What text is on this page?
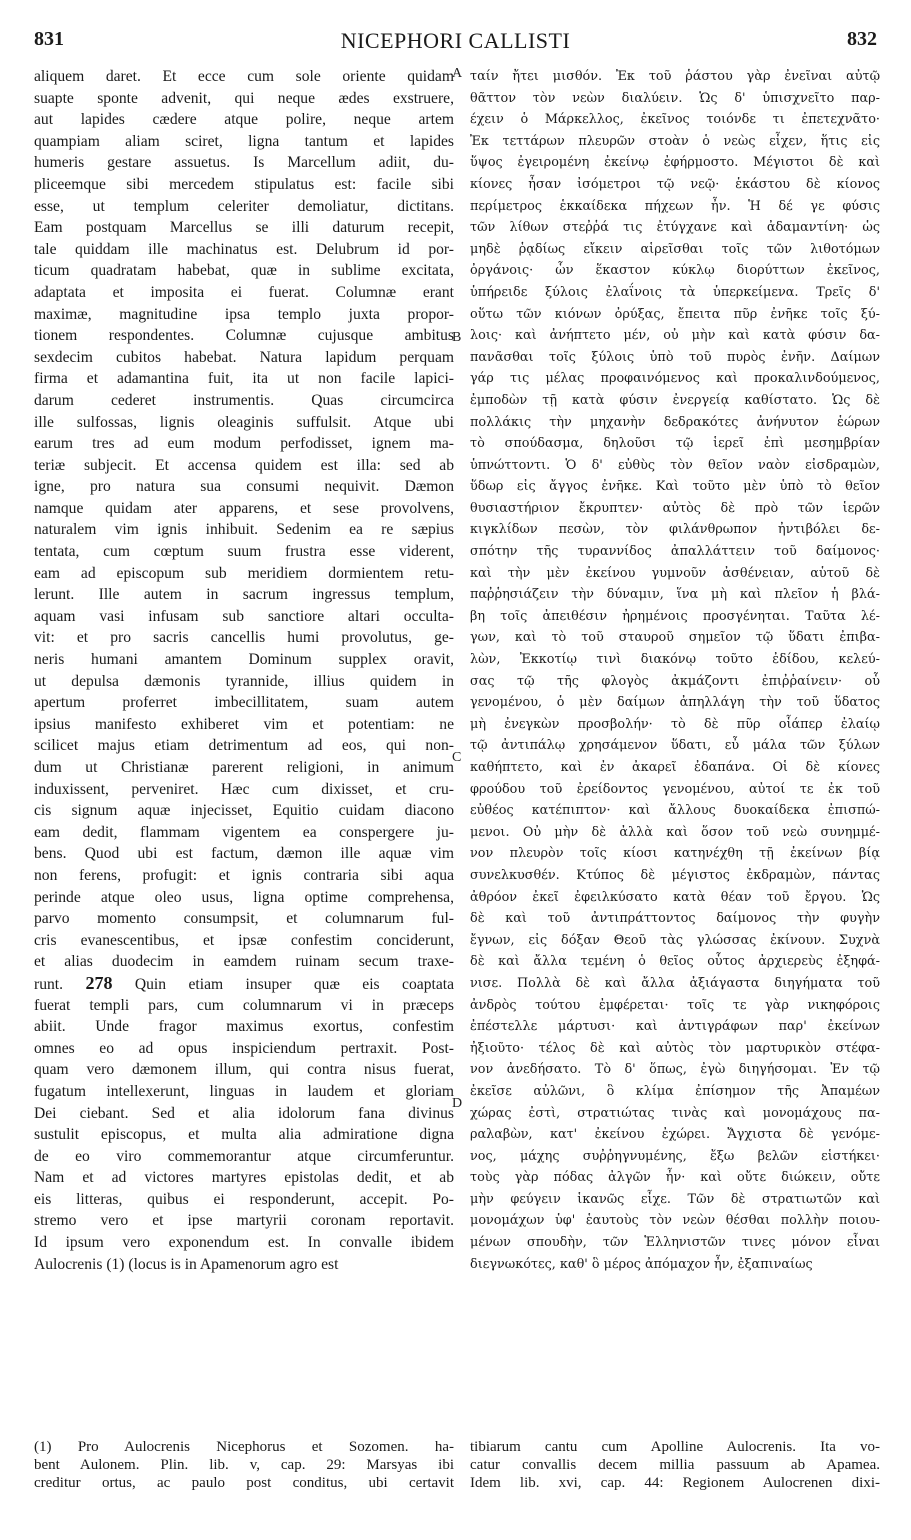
831	NICEPHORI CALLISTI	832
aliquem daret. Et ecce cum sole oriente quidam
suapte sponte advenit, qui neque ædes exstruere,
aut lapides cædere atque polire, neque artem
quampiam aliam sciret, ligna tantum et lapides
humeris gestare assuetus. Is Marcellum adiit, du-
pliceemque sibi mercedem stipulatus est: facile sibi
esse, ut templum celeriter demoliatur, dictitans.
Eam postquam Marcellus se illi daturum recepit,
tale quiddam ille machinatus est. Delubrum id por-
ticum quadratam habebat, quæ in sublime excitata,
adaptata et imposita ei fuerat. Columnæ erant
maximæ, magnitudine ipsa templo juxta propor-
tionem respondentes. Columnæ cujusque ambitus
sexdecim cubitos habebat. Natura lapidum perquam
firma et adamantina fuit, ita ut non facile lapici-
darum cederet instrumentis. Quas circumcirca
ille sulfossas, lignis oleaginis suffulsit. Atque ubi
earum tres ad eum modum perfodisset, ignem ma-
teriæ subjecit. Et accensa quidem est illa: sed ab
igne, pro natura sua consumi nequivit. Dæmon
namque quidam ater apparens, et sese provolvens,
naturalem vim ignis inhibuit. Sedenim ea re sæpius
tentata, cum cœptum suum frustra esse viderent,
eam ad episcopum sub meridiem dormientem retu-
lerunt. Ille autem in sacrum ingressus templum,
aquam vasi infusam sub sanctiore altari occulta-
vit: et pro sacris cancellis humi provolutus, ge-
neris humani amantem Dominum supplex oravit,
ut depulsa dæmonis tyrannide, illius quidem in
apertum proferret imbecillitatem, suam autem
ipsius manifesto exhiberet vim et potentiam: ne
scilicet majus etiam detrimentum ad eos, qui non-
dum ut Christianæ parerent religioni, in animum
induxissent, perveniret. Hæc cum dixisset, et cru-
cis signum aquæ injecisset, Equitio cuidam diacono
eam dedit, flammam vigentem ea conspergere ju-
bens. Quod ubi est factum, dæmon ille aquæ vim
non ferens, profugit: et ignis contraria sibi aqua
perinde atque oleo usus, ligna optime comprehensa,
parvo momento consumpsit, et columnarum ful-
cris evanescentibus, et ipsæ confestim conciderunt,
et alias duodecim in eamdem ruinam secum traxe-
runt. 278 Quin etiam insuper quæ eis coaptata
fuerat templi pars, cum columnarum vi in præceps
abiit. Unde fragor maximus exortus, confestim
omnes eo ad opus inspiciendum pertraxit. Post-
quam vero dæmonem illum, qui contra nisus fuerat,
fugatum intellexerunt, linguas in laudem et gloriam
Dei ciebant. Sed et alia idolorum fana divinus
sustulit episcopus, et multa alia admiratione digna
de eo viro commemorantur atque circumferuntur.
Nam et ad victores martyres epistolas dedit, et ab
eis litteras, quibus ei responderunt, accepit. Po-
stremo vero et ipse martyrii coronam reportavit.
Id ipsum vero exponendum est. In convalle ibidem
Aulocrenis (1) (locus is in Apamenorum agro est
ταίν ἤτει μισθόν. Ἐκ τοῦ ῥάστου γὰρ ἐνεῖναι αὐτῷ
θᾶττον τὸν νεὼν διαλύειν. Ὡς δ' ὑπισχνεῖτο παρ-
έχειν ὁ Μάρκελλος, ἐκεῖνος τοιόνδε τι ἐπετεχνᾶτο·
Ἐκ τεττάρων πλευρῶν στοὰν ὁ νεὼς εἶχεν, ἥτις εἰς
ὕψος ἐγειρομένη ἐκείνῳ ἐφήρμοστο. Μέγιστοι δὲ καὶ
κίονες ἦσαν ἰσόμετροι τῷ νεῷ· ἑκάστου δὲ κίονος
περίμετρος ἑκκαίδεκα πήχεων ἦν. Ἡ δέ γε φύσις
τῶν λίθων στεῤῥά τις ἐτύγχανε καὶ ἀδαμαντίνη· ὡς
μηδὲ ῥᾳδίως εἴκειν αἱρεῖσθαι τοῖς τῶν λιθοτόμων
ὀργάνοις· ὧν ἕκαστον κύκλῳ διορύττων ἐκεῖνος,
ὑπήρειδε ξύλοις ἐλαΐνοις τὰ ὑπερκείμενα. Τρεῖς δ'
οὕτω τῶν κιόνων ὀρύξας, ἔπειτα πῦρ ἐνῆκε τοῖς ξύ-
λοις· καὶ ἀνήπτετο μέν, οὐ μὴν καὶ κατὰ φύσιν δα-
πανᾶσθαι τοῖς ξύλοις ὑπὸ τοῦ πυρὸς ἐνῆν. Δαίμων
γάρ τις μέλας προφαινόμενος καὶ προκαλινδούμενος,
ἐμποδὼν τῇ κατὰ φύσιν ἐνεργείᾳ καθίστατο. Ὡς δὲ
πολλάκις τὴν μηχανὴν δεδρακότες ἀνήνυτον ἑώρων
τὸ σπούδασμα, δηλοῦσι τῷ ἱερεῖ ἐπὶ μεσημβρίαν
ὑπνώττοντι. Ὁ δ' εὐθὺς τὸν θεῖον ναὸν εἰσδραμὼν,
ὕδωρ εἰς ἄγγος ἐνῆκε. Καὶ τοῦτο μὲν ὑπὸ τὸ θεῖον
θυσιαστήριον ἔκρυπτεν· αὐτὸς δὲ πρὸ τῶν ἱερῶν
κιγκλίδων πεσὼν, τὸν φιλάνθρωπον ἠντιβόλει δε-
σπότην τῆς τυραννίδος ἀπαλλάττειν τοῦ δαίμονος·
καὶ τὴν μὲν ἐκείνου γυμνοῦν ἀσθένειαν, αὑτοῦ δὲ
παῤῥησιάζειν τὴν δύναμιν, ἵνα μὴ καὶ πλεῖον ἡ βλά-
βη τοῖς ἀπειθέσιν ἠρημένοις προσγένηται. Ταῦτα λέ-
γων, καὶ τὸ τοῦ σταυροῦ σημεῖον τῷ ὕδατι ἐπιβα-
λὼν, Ἐκκοτίῳ τινὶ διακόνῳ τοῦτο ἐδίδου, κελεύ-
σας τῷ τῆς φλογὸς ἀκμάζοντι ἐπιῤῥαίνειν· οὗ
γενομένου, ὁ μὲν δαίμων ἀπηλλάγη τὴν τοῦ ὕδατος
μὴ ἐνεγκὼν προσβολήν· τὸ δὲ πῦρ οἷάπερ ἐλαίῳ
τῷ ἀντιπάλῳ χρησάμενον ὕδατι, εὖ μάλα τῶν ξύλων
καθήπτετο, καὶ ἐν ἀκαρεῖ ἐδαπάνα. Οἱ δὲ κίονες
φρούδου τοῦ ἐρείδοντος γενομένου, αὐτοί τε ἐκ τοῦ
εὐθέος κατέπιπτον· καὶ ἄλλους δυοκαίδεκα ἐπισπώ-
μενοι. Οὐ μὴν δὲ ἀλλὰ καὶ ὅσον τοῦ νεὼ συνημμέ-
νον πλευρὸν τοῖς κίοσι κατηνέχθη τῇ ἐκείνων βίᾳ
συνελκυσθέν. Κτύπος δὲ μέγιστος ἐκδραμὼν, πάντας
ἀθρόον ἐκεῖ ἐφειλκύσατο κατὰ θέαν τοῦ ἔργου. Ὡς
δὲ καὶ τοῦ ἀντιπράττοντος δαίμονος τὴν φυγὴν
ἔγνων, εἰς δόξαν Θεοῦ τὰς γλώσσας ἐκίνουν. Συχνὰ
δὲ καὶ ἄλλα τεμένη ὁ θεῖος οὗτος ἀρχιερεὺς ἐξηφά-
νισε. Πολλὰ δὲ καὶ ἄλλα ἀξιάγαστα διηγήματα τοῦ
ἀνδρὸς τούτου ἐμφέρεται· τοῖς τε γὰρ νικηφόροις
ἐπέστελλε μάρτυσι· καὶ ἀντιγράφων παρ' ἐκείνων
ἠξιοῦτο· τέλος δὲ καὶ αὐτὸς τὸν μαρτυρικὸν στέφα-
νον ἀνεδήσατο. Τὸ δ' ὅπως, ἐγὼ διηγήσομαι. Ἐν τῷ
ἐκεῖσε αὐλῶνι, ὃ κλίμα ἐπίσημον τῆς Ἀπαμέων
χώρας ἐστὶ, στρατιώτας τινὰς καὶ μονομάχους πα-
ραλαβὼν, κατ' ἐκείνου ἐχώρει. Ἄγχιστα δὲ γενόμε-
νος, μάχης συῤῥηγνυμένης, ἔξω βελῶν εἱστήκει·
τοὺς γὰρ πόδας ἀλγῶν ἦν· καὶ οὔτε διώκειν, οὔτε
μὴν φεύγειν ἱκανῶς εἶχε. Τῶν δὲ στρατιωτῶν καὶ
μονομάχων ὑφ' ἑαυτοὺς τὸν νεὼν θέσθαι πολλὴν ποιου-
μένων σπουδὴν, τῶν Ἑλληνιστῶν τινες μόνον εἶναι
διεγνωκότες, καθ' ὃ μέρος ἀπόμαχον ἦν, ἐξαπιναίως
A
B
C
D
(1) Pro Aulocrenis Nicephorus et Sozomen. ha-
bent Aulonem. Plin. lib. v, cap. 29: Marsyas ibi
creditur ortus, ac paulo post conditus, ubi certavit
tibiarum cantu cum Apolline Aulocrenis. Ita vo-
catur convallis decem millia passuum ab Apamea.
Idem lib. xvi, cap. 44: Regionem Aulocrenen dixi-
